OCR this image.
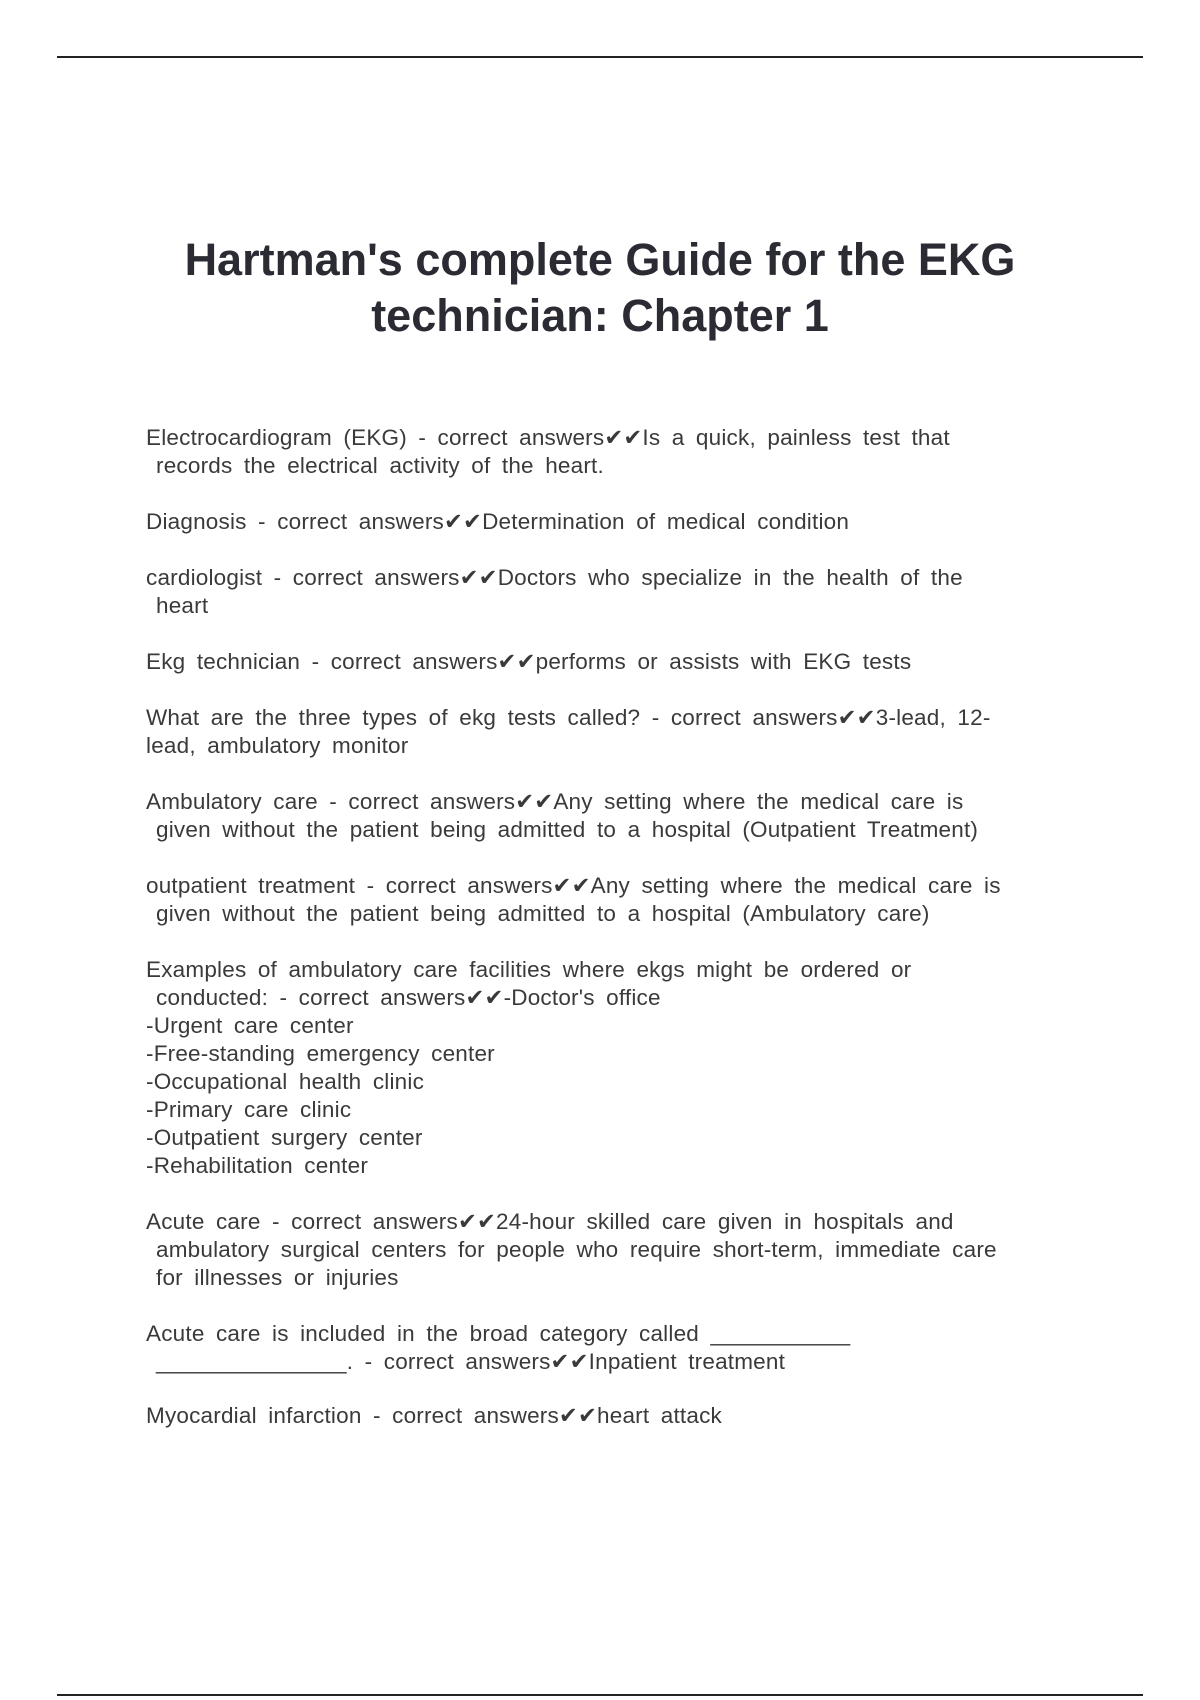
Hartman's complete Guide for the EKG
technician: Chapter 1
Electrocardiogram (EKG) - correct answers✔✔Is a quick, painless test that
records the electrical activity of the heart.
Diagnosis - correct answers✔✔Determination of medical condition
cardiologist - correct answers✔✔Doctors who specialize in the health of the
heart
Ekg technician - correct answers✔✔performs or assists with EKG tests
What are the three types of ekg tests called? - correct answers✔✔3-lead, 12-
lead, ambulatory monitor
Ambulatory care - correct answers✔✔Any setting where the medical care is
given without the patient being admitted to a hospital (Outpatient Treatment)
outpatient treatment - correct answers✔✔Any setting where the medical care is
given without the patient being admitted to a hospital (Ambulatory care)
Examples of ambulatory care facilities where ekgs might be ordered or
conducted: - correct answers✔✔-Doctor's office
-Urgent care center
-Free-standing emergency center
-Occupational health clinic
-Primary care clinic
-Outpatient surgery center
-Rehabilitation center
Acute care - correct answers✔✔24-hour skilled care given in hospitals and
ambulatory surgical centers for people who require short-term, immediate care
for illnesses or injuries
Acute care is included in the broad category called ___________
_______________. - correct answers✔✔Inpatient treatment
Myocardial infarction - correct answers✔✔heart attack
